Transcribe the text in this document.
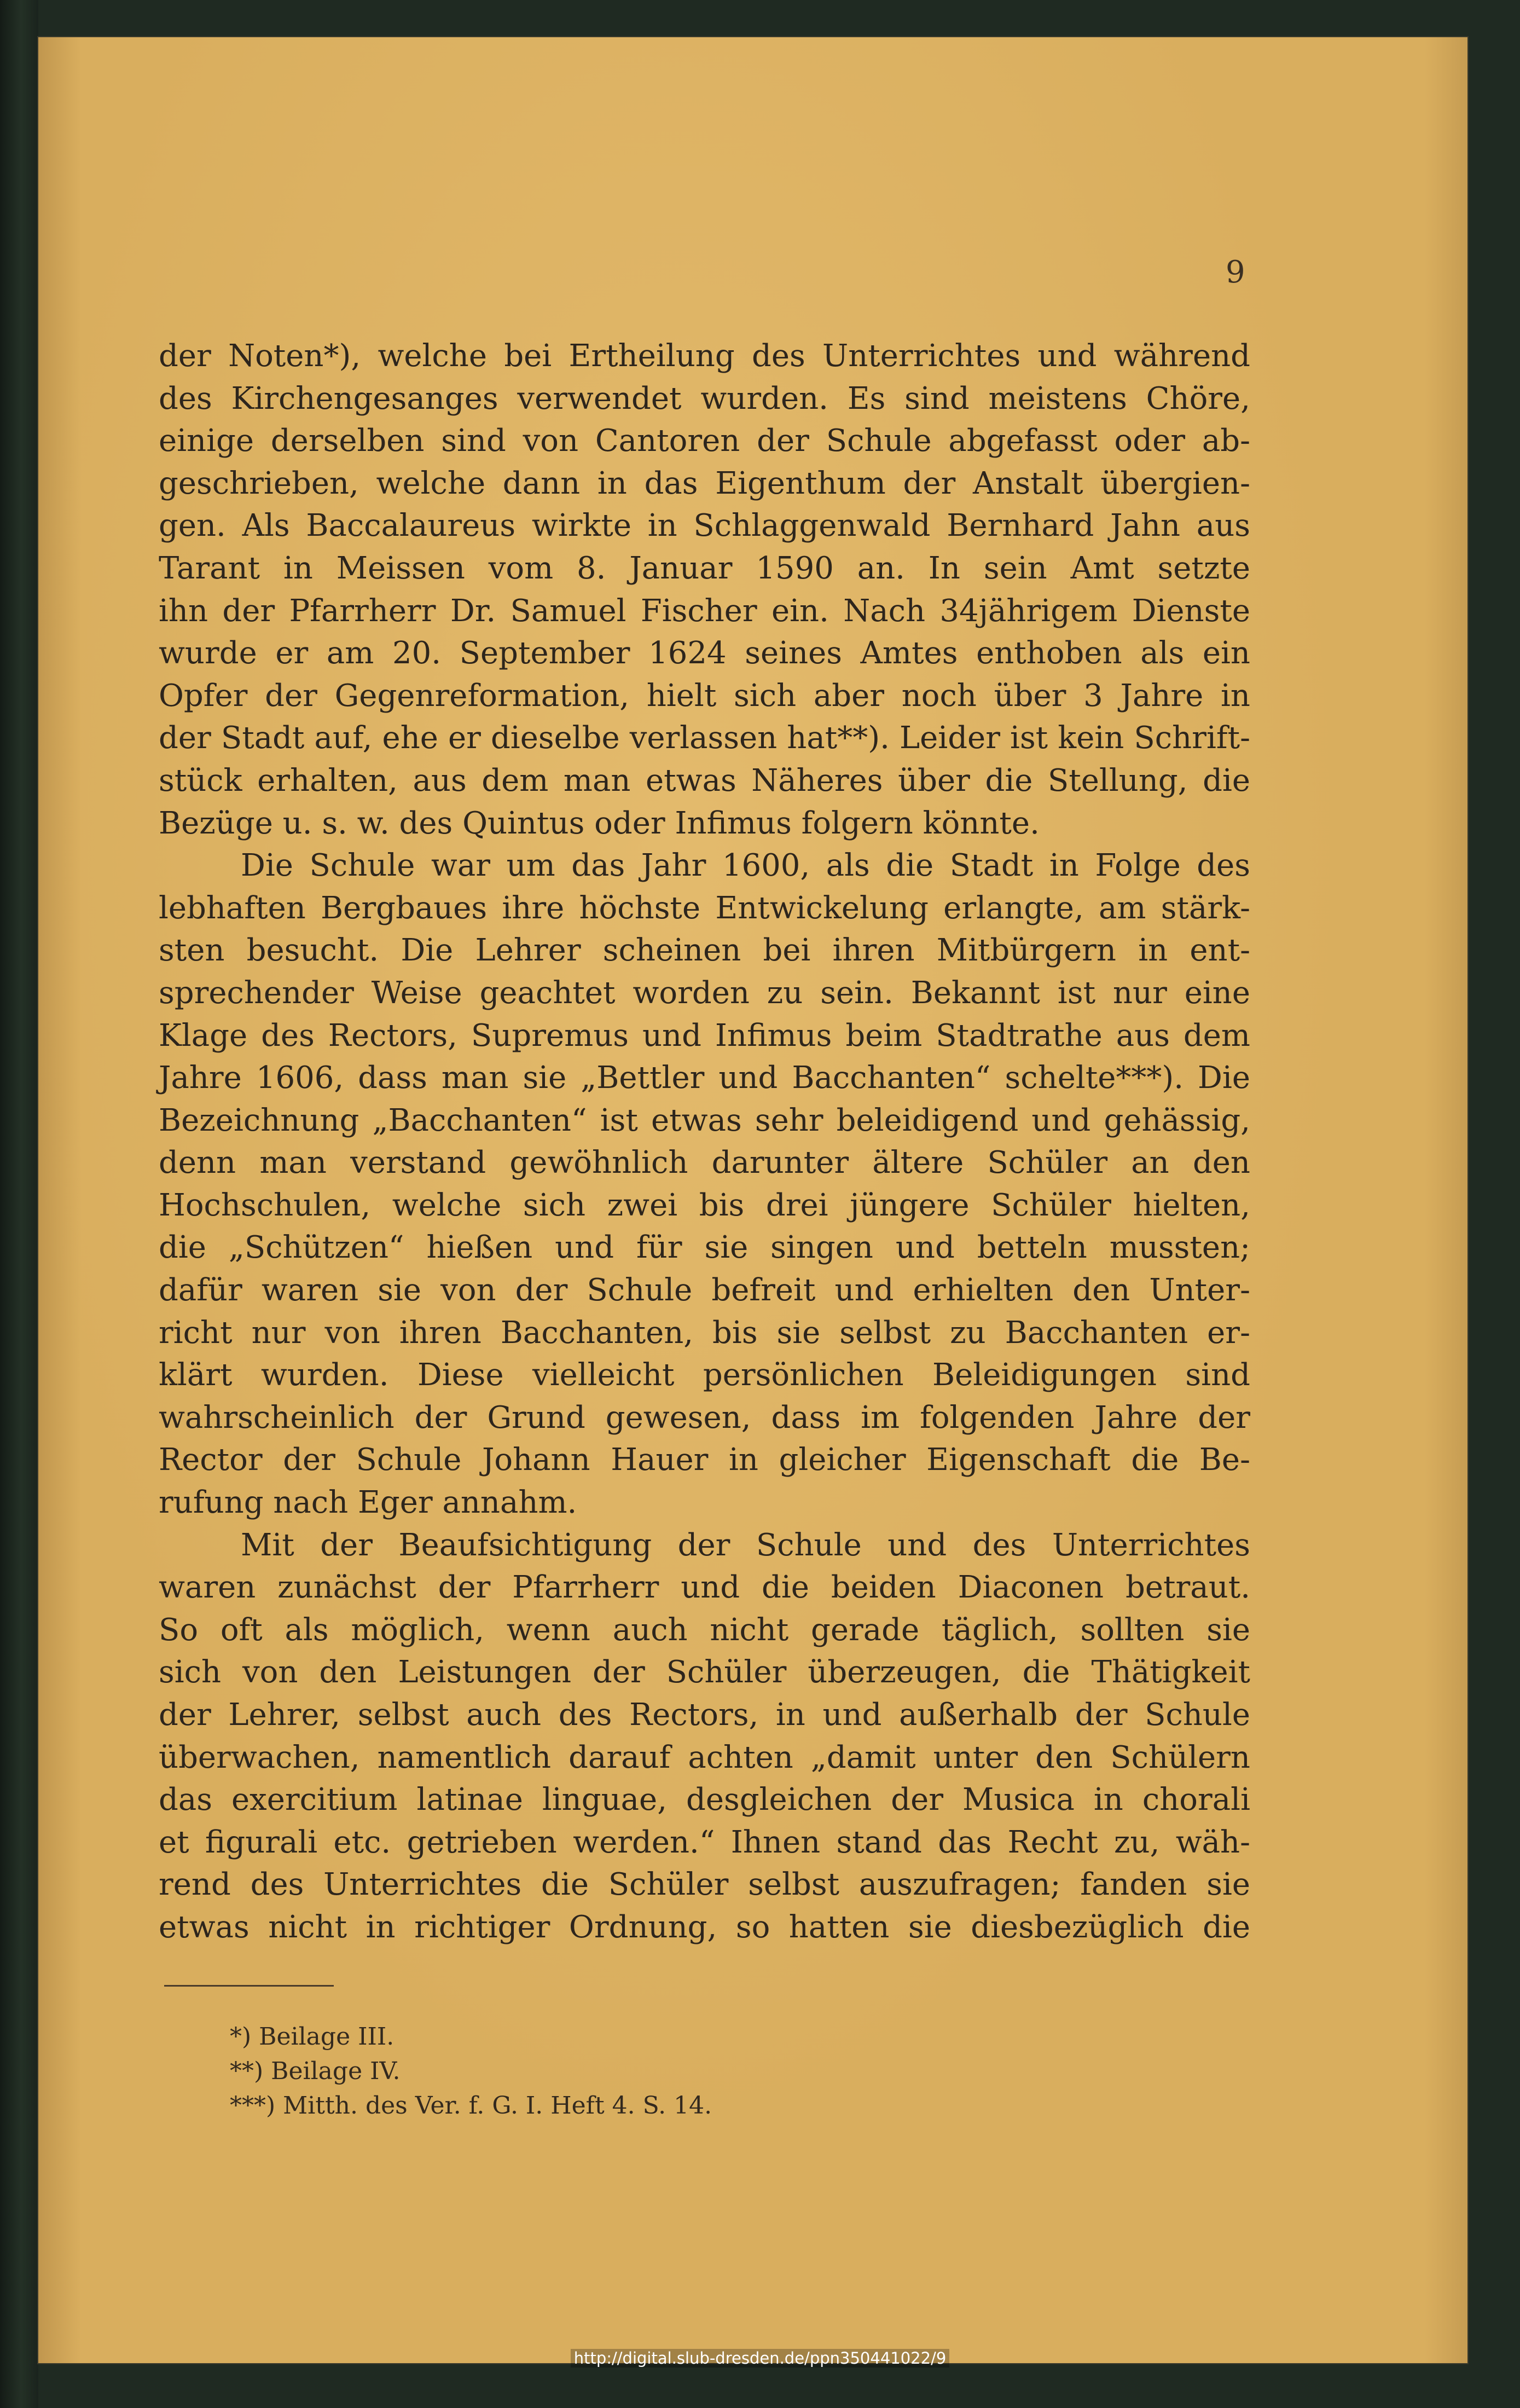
9
der Noten*), welche bei Ertheilung des Unterrichtes und während
des Kirchengesanges verwendet wurden. Es sind meistens Chöre,
einige derselben sind von Cantoren der Schule abgefasst oder ab-
geschrieben, welche dann in das Eigenthum der Anstalt übergien-
gen. Als Baccalaureus wirkte in Schlaggenwald Bernhard Jahn aus
Tarant in Meissen vom 8. Januar 1590 an. In sein Amt setzte
ihn der Pfarrherr Dr. Samuel Fischer ein. Nach 34jährigem Dienste
wurde er am 20. September 1624 seines Amtes enthoben als ein
Opfer der Gegenreformation, hielt sich aber noch über 3 Jahre in
der Stadt auf, ehe er dieselbe verlassen hat**). Leider ist kein Schrift-
stück erhalten, aus dem man etwas Näheres über die Stellung, die
Bezüge u. s. w. des Quintus oder Infimus folgern könnte.
Die Schule war um das Jahr 1600, als die Stadt in Folge des
lebhaften Bergbaues ihre höchste Entwickelung erlangte, am stärk-
sten besucht. Die Lehrer scheinen bei ihren Mitbürgern in ent-
sprechender Weise geachtet worden zu sein. Bekannt ist nur eine
Klage des Rectors, Supremus und Infimus beim Stadtrathe aus dem
Jahre 1606, dass man sie „Bettler und Bacchanten“ schelte***). Die
Bezeichnung „Bacchanten“ ist etwas sehr beleidigend und gehässig,
denn man verstand gewöhnlich darunter ältere Schüler an den
Hochschulen, welche sich zwei bis drei jüngere Schüler hielten,
die „Schützen“ hießen und für sie singen und betteln mussten;
dafür waren sie von der Schule befreit und erhielten den Unter-
richt nur von ihren Bacchanten, bis sie selbst zu Bacchanten er-
klärt wurden. Diese vielleicht persönlichen Beleidigungen sind
wahrscheinlich der Grund gewesen, dass im folgenden Jahre der
Rector der Schule Johann Hauer in gleicher Eigenschaft die Be-
rufung nach Eger annahm.
Mit der Beaufsichtigung der Schule und des Unterrichtes
waren zunächst der Pfarrherr und die beiden Diaconen betraut.
So oft als möglich, wenn auch nicht gerade täglich, sollten sie
sich von den Leistungen der Schüler überzeugen, die Thätigkeit
der Lehrer, selbst auch des Rectors, in und außerhalb der Schule
überwachen, namentlich darauf achten „damit unter den Schülern
das exercitium latinae linguae, desgleichen der Musica in chorali
et figurali etc. getrieben werden.“ Ihnen stand das Recht zu, wäh-
rend des Unterrichtes die Schüler selbst auszufragen; fanden sie
etwas nicht in richtiger Ordnung, so hatten sie diesbezüglich die
*) Beilage III.
**) Beilage IV.
***) Mitth. des Ver. f. G. I. Heft 4. S. 14.
http://digital.slub-dresden.de/ppn350441022/9
